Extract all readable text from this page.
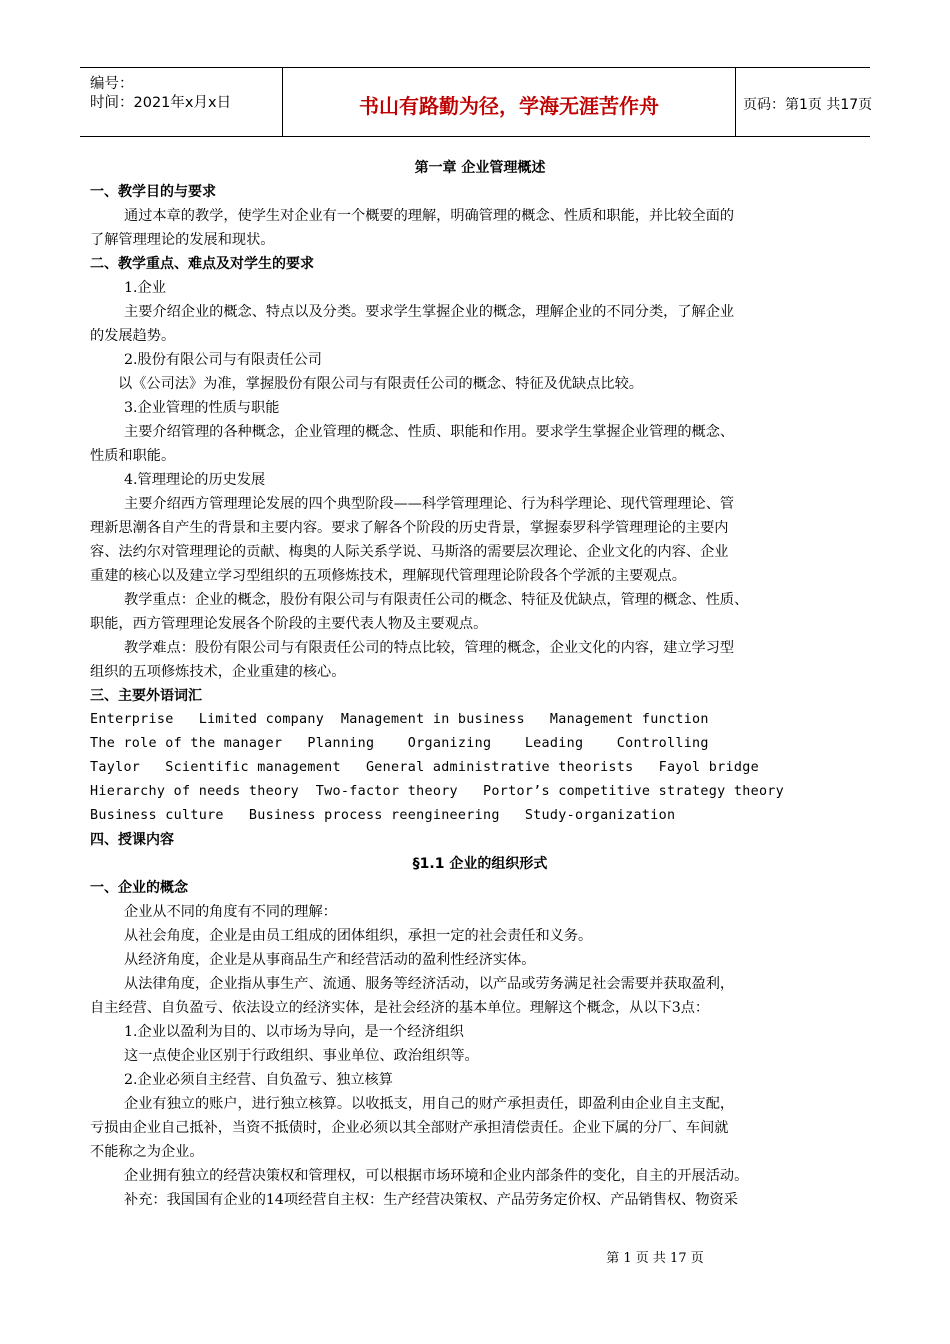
编号：
时间：2021年x月x日	书山有路勤为径，学海无涯苦作舟	页码：第1页 共17页
第一章 企业管理概述
一、教学目的与要求
通过本章的教学，使学生对企业有一个概要的理解，明确管理的概念、性质和职能，并比较全面的
了解管理理论的发展和现状。
二、教学重点、难点及对学生的要求
1.企业
主要介绍企业的概念、特点以及分类。要求学生掌握企业的概念，理解企业的不同分类，了解企业
的发展趋势。
2.股份有限公司与有限责任公司
以《公司法》为准，掌握股份有限公司与有限责任公司的概念、特征及优缺点比较。
3.企业管理的性质与职能
主要介绍管理的各种概念，企业管理的概念、性质、职能和作用。要求学生掌握企业管理的概念、
性质和职能。
4.管理理论的历史发展
主要介绍西方管理理论发展的四个典型阶段——科学管理理论、行为科学理论、现代管理理论、管
理新思潮各自产生的背景和主要内容。要求了解各个阶段的历史背景，掌握泰罗科学管理理论的主要内
容、法约尔对管理理论的贡献、梅奥的人际关系学说、马斯洛的需要层次理论、企业文化的内容、企业
重建的核心以及建立学习型组织的五项修炼技术，理解现代管理理论阶段各个学派的主要观点。
教学重点：企业的概念，股份有限公司与有限责任公司的概念、特征及优缺点，管理的概念、性质、
职能，西方管理理论发展各个阶段的主要代表人物及主要观点。
教学难点：股份有限公司与有限责任公司的特点比较，管理的概念，企业文化的内容，建立学习型
组织的五项修炼技术，企业重建的核心。
三、主要外语词汇
Enterprise   Limited company  Management in business   Management function
The role of the manager   Planning    Organizing    Leading    Controlling
Taylor   Scientific management   General administrative theorists   Fayol bridge
Hierarchy of needs theory  Two-factor theory   Portor’s competitive strategy theory
Business culture   Business process reengineering   Study-organization
四、授课内容
§1.1 企业的组织形式
一、企业的概念
企业从不同的角度有不同的理解：
从社会角度，企业是由员工组成的团体组织，承担一定的社会责任和义务。
从经济角度，企业是从事商品生产和经营活动的盈利性经济实体。
从法律角度，企业指从事生产、流通、服务等经济活动，以产品或劳务满足社会需要并获取盈利，
自主经营、自负盈亏、依法设立的经济实体，是社会经济的基本单位。理解这个概念，从以下3点：
1.企业以盈利为目的、以市场为导向，是一个经济组织
这一点使企业区别于行政组织、事业单位、政治组织等。
2.企业必须自主经营、自负盈亏、独立核算
企业有独立的账户，进行独立核算。以收抵支，用自己的财产承担责任，即盈利由企业自主支配，
亏损由企业自己抵补，当资不抵债时，企业必须以其全部财产承担清偿责任。企业下属的分厂、车间就
不能称之为企业。
企业拥有独立的经营决策权和管理权，可以根据市场环境和企业内部条件的变化，自主的开展活动。
补充：我国国有企业的14项经营自主权：生产经营决策权、产品劳务定价权、产品销售权、物资采
第 1 页 共 17 页
